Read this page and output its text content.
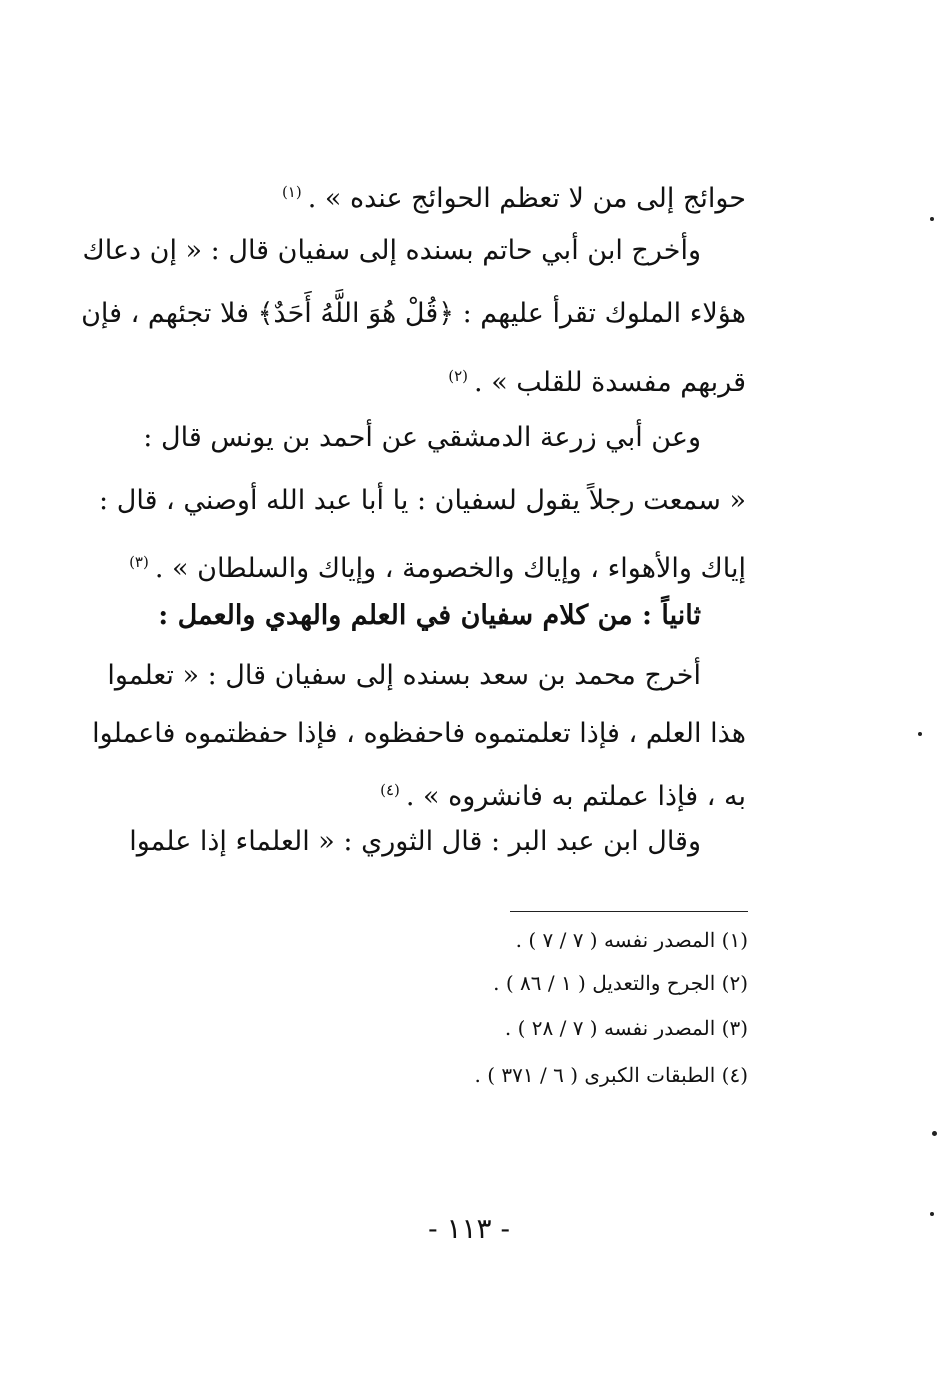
حوائج إلى من لا تعظم الحوائج عنده » .$^{(١)}$
وأخرج ابن أبي حاتم بسنده إلى سفيان قال : « إن دعاك
هؤلاء الملوك تقرأ عليهم : ﴿قُلْ هُوَ اللَّهُ أَحَدٌ﴾ فلا تجئهم ، فإن
قربهم مفسدة للقلب » .$^{(٢)}$
وعن أبي زرعة الدمشقي عن أحمد بن يونس قال :
« سمعت رجلاً يقول لسفيان : يا أبا عبد الله أوصني ، قال :
إياك والأهواء ، وإياك والخصومة ، وإياك والسلطان » .$^{(٣)}$
ثانياً : من كلام سفيان في العلم والهدي والعمل :
أخرج محمد بن سعد بسنده إلى سفيان قال : « تعلموا
هذا العلم ، فإذا تعلمتموه فاحفظوه ، فإذا حفظتموه فاعملوا
به ، فإذا عملتم به فانشروه » .$^{(٤)}$
وقال ابن عبد البر : قال الثوري : « العلماء إذا علموا
(١) المصدر نفسه ( ٧ / ٧ ) .
(٢) الجرح والتعديل ( ١ / ٨٦ ) .
(٣) المصدر نفسه ( ٧ / ٢٨ ) .
(٤) الطبقات الكبرى ( ٦ / ٣٧١ ) .
- ١١٣ -
